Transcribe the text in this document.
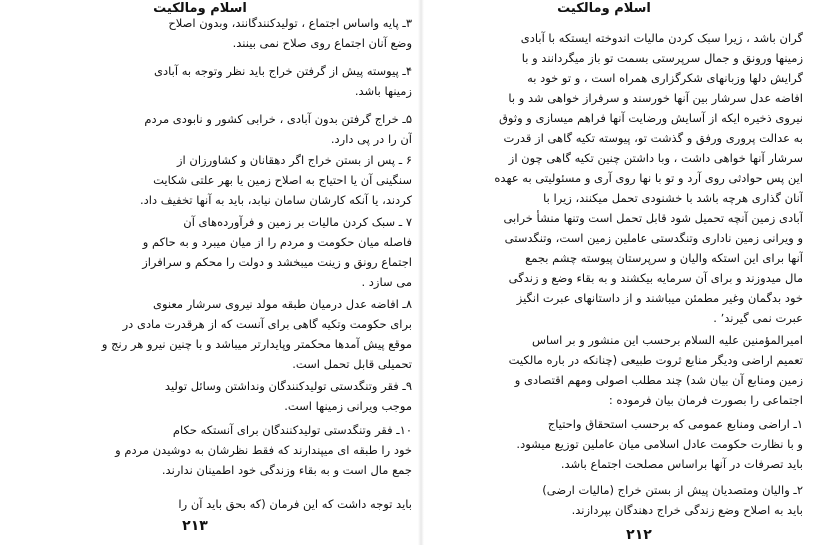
اسلام ومالکیت
۳ـ پایه واساس اجتماع ، تولیدکنندگانند، وبدون اصلاح
وضع آنان اجتماع روی صلاح نمی بینند.
۴ـ پیوسته پیش از گرفتن خراج باید نظر وتوجه به آبادی
زمینها باشد.
۵ـ خراج گرفتن بدون آبادی ، خرابی کشور و نابودی مردم
آن را در پی دارد.
۶ ـ پس از بستن خراج اگر دهقانان و کشاورزان از
سنگینی آن یا احتیاج به اصلاح زمین یا بهر علتی شکایت
کردند، یا آنکه کارشان سامان نیابد، باید به آنها تخفیف داد.
۷ ـ سبک کردن مالیات بر زمین و فرآورده‌های آن
فاصله میان حکومت و مردم را از میان میبرد و به حاکم و
اجتماع رونق و زینت میبخشد و دولت را محکم و سرافراز
می سازد .
۸ـ افاضه عدل درمیان طبقه مولد نیروی سرشار معنوی
برای حکومت وتکیه گاهی برای آنست که از هرقدرت مادی در
موقع پیش آمدها محکمتر وپایدارتر میباشد و با چنین نیرو هر رنج و
تحمیلی قابل تحمل است.
۹ـ فقر وتنگدستی تولیدکنندگان ونداشتن وسائل تولید
موجب ویرانی زمینها است.
۱۰ـ فقر وتنگدستی تولیدکنندگان برای آنستکه حکام
خود را طبقه ای میپندارند که فقط نظرشان به دوشیدن مردم و
جمع مال است و به بقاء وزندگی خود اطمینان ندارند.
باید توجه داشت که این فرمان (که بحق باید آن را
۲۱۳
اسلام ومالکیت
گران باشد ، زیرا سبک کردن مالیات اندوخته ایستکه با آبادی
زمینها ورونق و جمال سرپرستی بسمت تو باز میگردانند و با
گرایش دلها وزبانهای شکرگزاری همراه است ، و تو خود به
افاضه عدل سرشار بین آنها خورسند و سرفراز خواهی شد و با
نیروی ذخیره ایکه از آسایش ورضایت آنها فراهم میسازی و وثوق
به عدالت پروری ورفق و گذشت تو، پیوسته تکیه گاهی از قدرت
سرشار آنها خواهی داشت ، وبا داشتن چنین تکیه گاهی چون از
این پس حوادثی روی آرد و تو با نها روی آری و مسئولیتی به عهده
آنان گذاری هرچه باشد با خشنودی تحمل میکنند، زیرا با
آبادی زمین آنچه تحمیل شود قابل تحمل است وتنها منشأ خرابی
و ویرانی زمین نادارى وتنگدستی عاملین زمین است، وتنگدستی
آنها برای این استکه والیان و سرپرستان پیوسته چشم بجمع
مال میدوزند و برای آن سرمایه بیکشند و به بقاء وضع و زندگی
خود بدگمان وغیر مطمئن میباشند و از داستانهای عبرت انگیز
عبرت نمی گیرند٬ .
امیرالمؤمنین علیه السلام برحسب این منشور و بر اساس
تعمیم اراضی ودیگر منابع ثروت طبیعی (چنانکه در باره مالکیت
زمین ومنابع آن بیان شد) چند مطلب اصولی ومهم اقتصادی و
اجتماعی را بصورت فرمان بیان فرموده :
۱ـ اراضی ومنابع عمومی که برحسب استحقاق واحتیاج
و با نظارت حکومت عادل اسلامی میان عاملین توزیع میشود.
باید تصرفات در آنها براساس مصلحت اجتماع باشد.
۲ـ والیان ومتصدیان پیش از بستن خراج (مالیات ارضی)
باید به اصلاح وضع زندگی خراج دهندگان بپردازند.
۲۱۲
